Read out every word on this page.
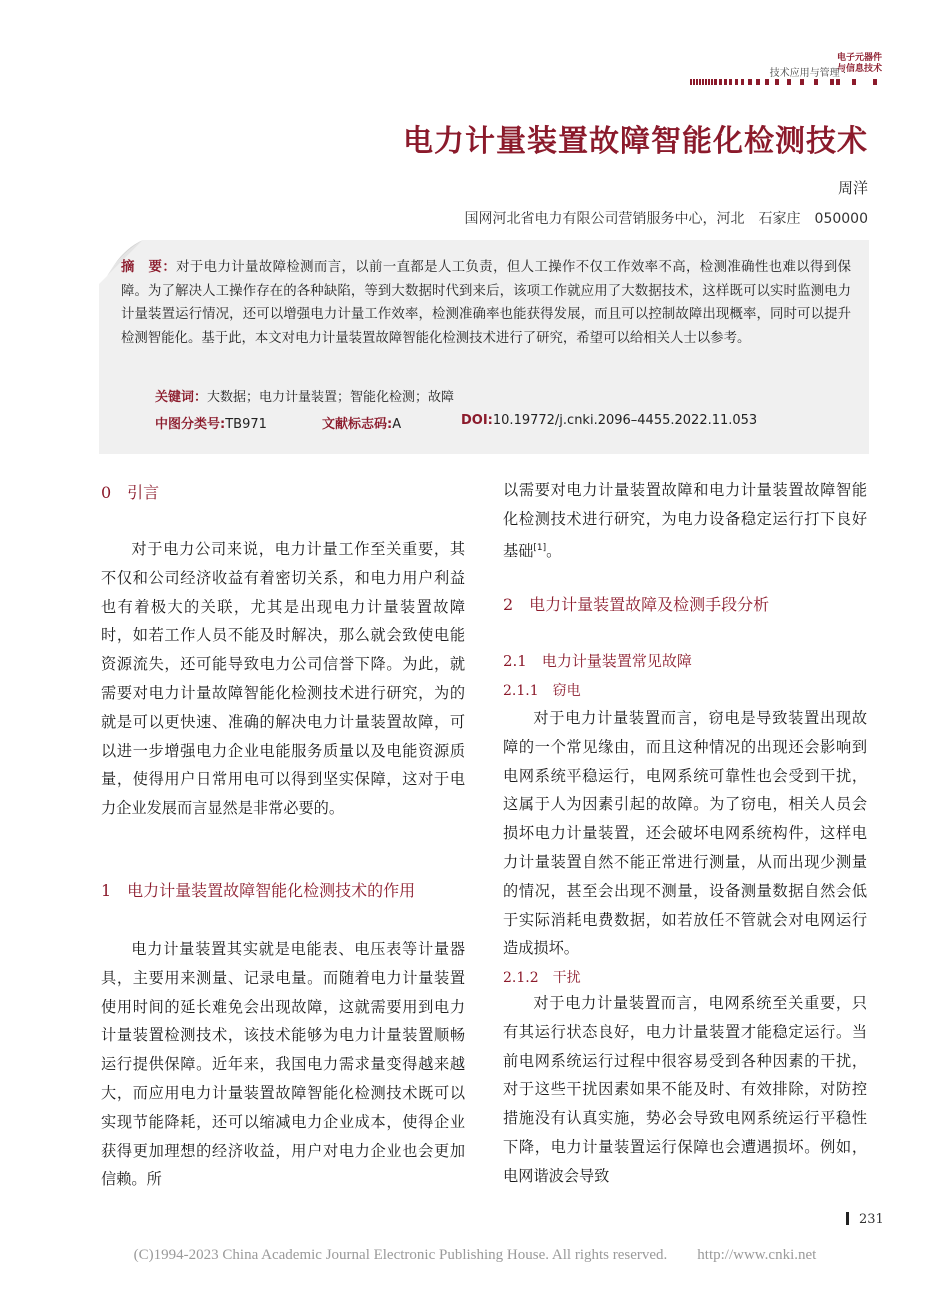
技术应用与管理 ·
电子元器件
与信息技术
电力计量装置故障智能化检测技术
周洋
国网河北省电力有限公司营销服务中心，河北　石家庄　050000
摘　要：对于电力计量故障检测而言，以前一直都是人工负责，但人工操作不仅工作效率不高，检测准确性也难以得到保障。为了解决人工操作存在的各种缺陷，等到大数据时代到来后，该项工作就应用了大数据技术，这样既可以实时监测电力计量装置运行情况，还可以增强电力计量工作效率，检测准确率也能获得发展，而且可以控制故障出现概率，同时可以提升检测智能化。基于此，本文对电力计量装置故障智能化检测技术进行了研究，希望可以给相关人士以参考。
关键词：大数据；电力计量装置；智能化检测；故障
中图分类号:TB971	文献标志码:A	DOI:10.19772/j.cnki.2096–4455.2022.11.053
0　引言

对于电力公司来说，电力计量工作至关重要，其不仅和公司经济收益有着密切关系，和电力用户利益也有着极大的关联，尤其是出现电力计量装置故障时，如若工作人员不能及时解决，那么就会致使电能资源流失，还可能导致电力公司信誉下降。为此，就需要对电力计量故障智能化检测技术进行研究，为的就是可以更快速、准确的解决电力计量装置故障，可以进一步增强电力企业电能服务质量以及电能资源质量，使得用户日常用电可以得到坚实保障，这对于电力企业发展而言显然是非常必要的。

1　电力计量装置故障智能化检测技术的作用

电力计量装置其实就是电能表、电压表等计量器具，主要用来测量、记录电量。而随着电力计量装置使用时间的延长难免会出现故障，这就需要用到电力计量装置检测技术，该技术能够为电力计量装置顺畅运行提供保障。近年来，我国电力需求量变得越来越大，而应用电力计量装置故障智能化检测技术既可以实现节能降耗，还可以缩减电力企业成本，使得企业获得更加理想的经济收益，用户对电力企业也会更加信赖。所

以需要对电力计量装置故障和电力计量装置故障智能化检测技术进行研究，为电力设备稳定运行打下良好基础[1]。

2　电力计量装置故障及检测手段分析
2.1　电力计量装置常见故障
2.1.1　窃电

对于电力计量装置而言，窃电是导致装置出现故障的一个常见缘由，而且这种情况的出现还会影响到电网系统平稳运行，电网系统可靠性也会受到干扰，这属于人为因素引起的故障。为了窃电，相关人员会损坏电力计量装置，还会破坏电网系统构件，这样电力计量装置自然不能正常进行测量，从而出现少测量的情况，甚至会出现不测量，设备测量数据自然会低于实际消耗电费数据，如若放任不管就会对电网运行造成损坏。

2.1.2　干扰

对于电力计量装置而言，电网系统至关重要，只有其运行状态良好，电力计量装置才能稳定运行。当前电网系统运行过程中很容易受到各种因素的干扰，对于这些干扰因素如果不能及时、有效排除，对防控措施没有认真实施，势必会导致电网系统运行平稳性下降，电力计量装置运行保障也会遭遇损坏。例如，电网谐波会导致

231
(C)1994-2023 China Academic Journal Electronic Publishing House. All rights reserved.　　http://www.cnki.net
